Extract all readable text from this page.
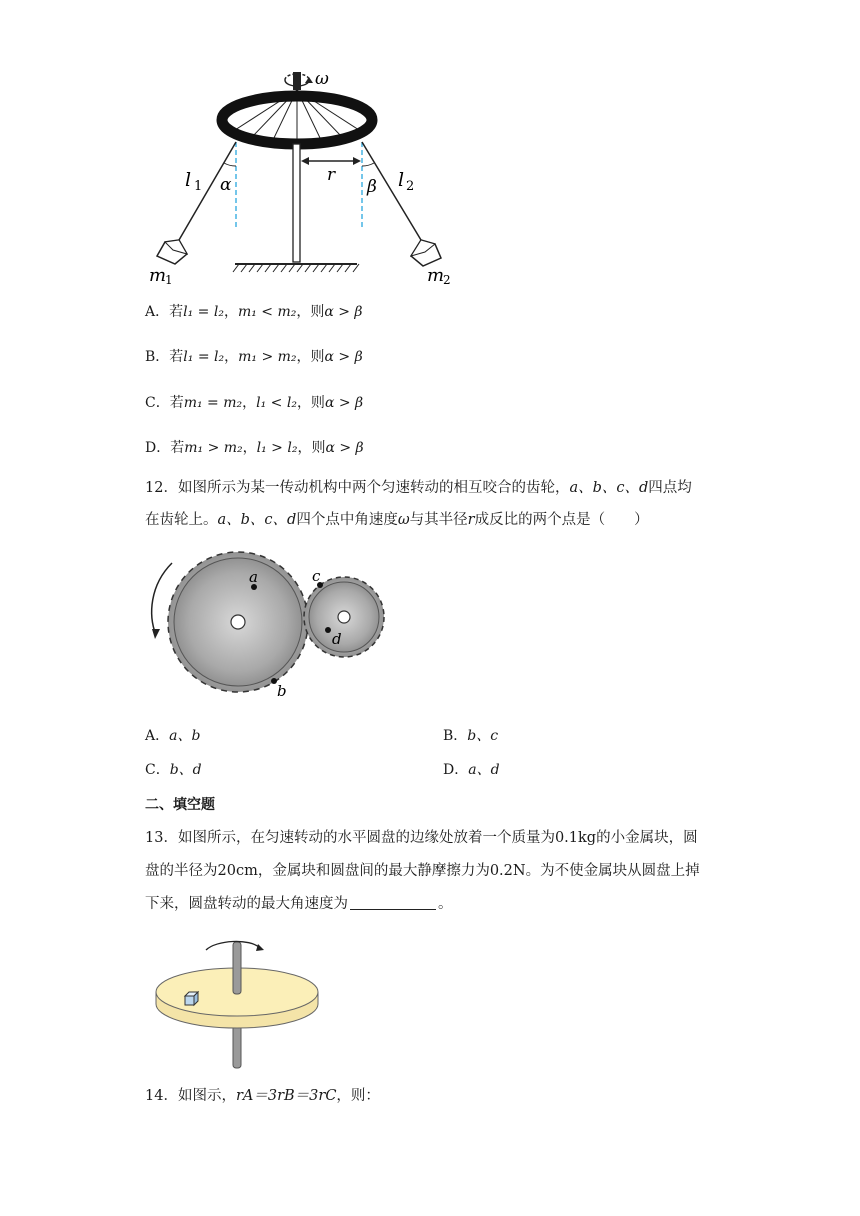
ω
r
α	β
l 1	l 2
m
1	m
2
A．若l₁ = l₂，m₁ < m₂，则α > β
B．若l₁ = l₂，m₁ > m₂，则α > β
C．若m₁ = m₂，l₁ < l₂，则α > β
D．若m₁ > m₂，l₁ > l₂，则α > β
12．如图所示为某一传动机构中两个匀速转动的相互咬合的齿轮，a、b、c、d四点均
在齿轮上。a、b、c、d四个点中角速度ω与其半径r成反比的两个点是（　　）
a
b
c
d
A．a、b	B．b、c
C．b、d	D．a、d
二、填空题
13．如图所示，在匀速转动的水平圆盘的边缘处放着一个质量为0.1kg的小金属块，圆
盘的半径为20cm，金属块和圆盘间的最大静摩擦力为0.2N。为不使金属块从圆盘上掉
下来，圆盘转动的最大角速度为	。
14．如图示，rA＝3rB＝3rC，则：
